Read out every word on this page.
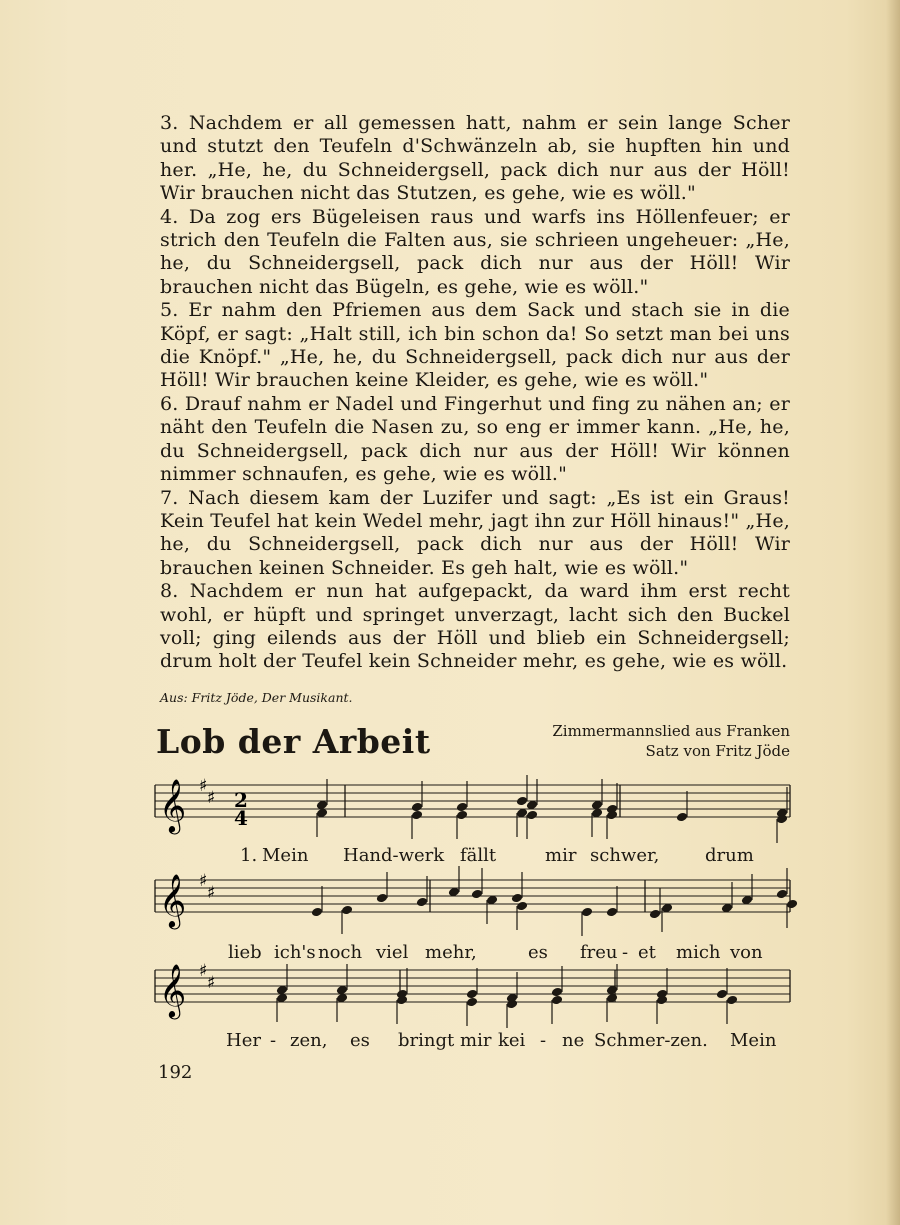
3. Nachdem er all gemessen hatt, nahm er sein lange Scher und stutzt den Teufeln d'Schwänzeln ab, sie hupften hin und her. „He, he, du Schneidergsell, pack dich nur aus der Höll! Wir brauchen nicht das Stutzen, es gehe, wie es wöll."

4. Da zog ers Bügeleisen raus und warfs ins Höllenfeuer; er strich den Teufeln die Falten aus, sie schrieen ungeheuer: „He, he, du Schneidergsell, pack dich nur aus der Höll! Wir brauchen nicht das Bügeln, es gehe, wie es wöll."

5. Er nahm den Pfriemen aus dem Sack und stach sie in die Köpf, er sagt: „Halt still, ich bin schon da! So setzt man bei uns die Knöpf." „He, he, du Schneidergsell, pack dich nur aus der Höll! Wir brauchen keine Kleider, es gehe, wie es wöll."

6. Drauf nahm er Nadel und Fingerhut und fing zu nähen an; er näht den Teufeln die Nasen zu, so eng er immer kann. „He, he, du Schneidergsell, pack dich nur aus der Höll! Wir können nimmer schnaufen, es gehe, wie es wöll."

7. Nach diesem kam der Luzifer und sagt: „Es ist ein Graus! Kein Teufel hat kein Wedel mehr, jagt ihn zur Höll hinaus!" „He, he, du Schneidergsell, pack dich nur aus der Höll! Wir brauchen keinen Schneider. Es geh halt, wie es wöll."

8. Nachdem er nun hat aufgepackt, da ward ihm erst recht wohl, er hüpft und springet unverzagt, lacht sich den Buckel voll; ging eilends aus der Höll und blieb ein Schneidergsell; drum holt der Teufel kein Schneider mehr, es gehe, wie es wöll.

Aus: Fritz Jöde, Der Musikant.
Lob der Arbeit	Zimmermannslied aus Franken
Satz von Fritz Jöde
𝄞 ♯
♯
𝄞 ♯
♯
𝄞 ♯
♯
2
4
1. Mein Hand-werk fällt	mir schwer,	drum
lieb ich's noch viel mehr,	es freu - et mich von
Her - zen, es bringt mir kei - ne Schmer-zen. Mein
192
